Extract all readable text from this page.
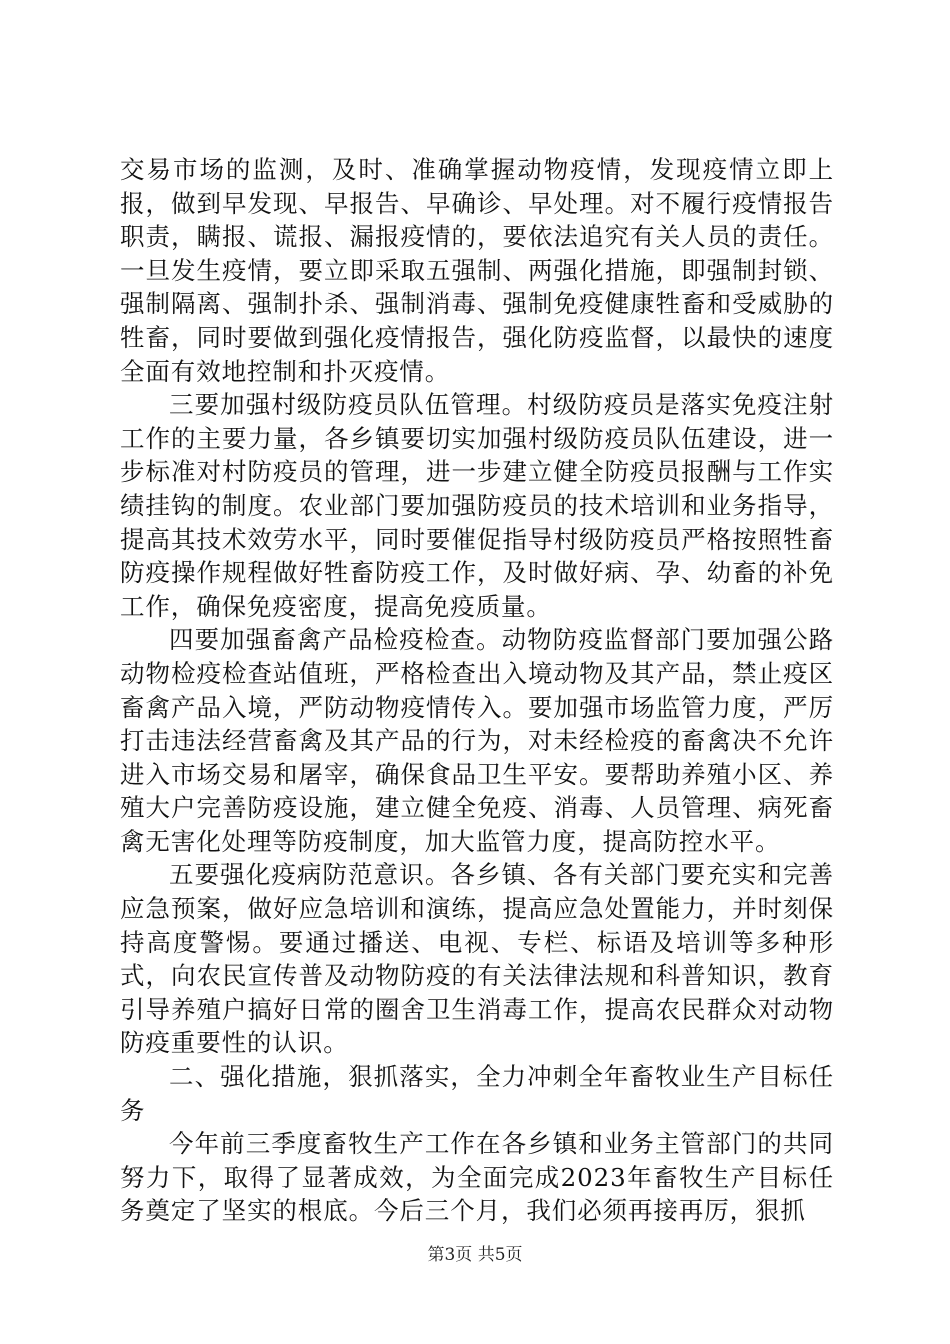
交易市场的监测，及时、准确掌握动物疫情，发现疫情立即上报，做到早发现、早报告、早确诊、早处理。对不履行疫情报告职责，瞒报、谎报、漏报疫情的，要依法追究有关人员的责任。一旦发生疫情，要立即采取五强制、两强化措施，即强制封锁、强制隔离、强制扑杀、强制消毒、强制免疫健康牲畜和受威胁的牲畜，同时要做到强化疫情报告，强化防疫监督，以最快的速度全面有效地控制和扑灭疫情。

三要加强村级防疫员队伍管理。村级防疫员是落实免疫注射工作的主要力量，各乡镇要切实加强村级防疫员队伍建设，进一步标准对村防疫员的管理，进一步建立健全防疫员报酬与工作实绩挂钩的制度。农业部门要加强防疫员的技术培训和业务指导，提高其技术效劳水平，同时要催促指导村级防疫员严格按照牲畜防疫操作规程做好牲畜防疫工作，及时做好病、孕、幼畜的补免工作，确保免疫密度，提高免疫质量。

四要加强畜禽产品检疫检查。动物防疫监督部门要加强公路动物检疫检查站值班，严格检查出入境动物及其产品，禁止疫区畜禽产品入境，严防动物疫情传入。要加强市场监管力度，严厉打击违法经营畜禽及其产品的行为，对未经检疫的畜禽决不允许进入市场交易和屠宰，确保食品卫生平安。要帮助养殖小区、养殖大户完善防疫设施，建立健全免疫、消毒、人员管理、病死畜禽无害化处理等防疫制度，加大监管力度，提高防控水平。

五要强化疫病防范意识。各乡镇、各有关部门要充实和完善应急预案，做好应急培训和演练，提高应急处置能力，并时刻保持高度警惕。要通过播送、电视、专栏、标语及培训等多种形式，向农民宣传普及动物防疫的有关法律法规和科普知识，教育引导养殖户搞好日常的圈舍卫生消毒工作，提高农民群众对动物防疫重要性的认识。

二、强化措施，狠抓落实，全力冲刺全年畜牧业生产目标任务

今年前三季度畜牧生产工作在各乡镇和业务主管部门的共同努力下，取得了显著成效，为全面完成2023年畜牧生产目标任务奠定了坚实的根底。今后三个月，我们必须再接再厉，狠抓

第3页 共5页
